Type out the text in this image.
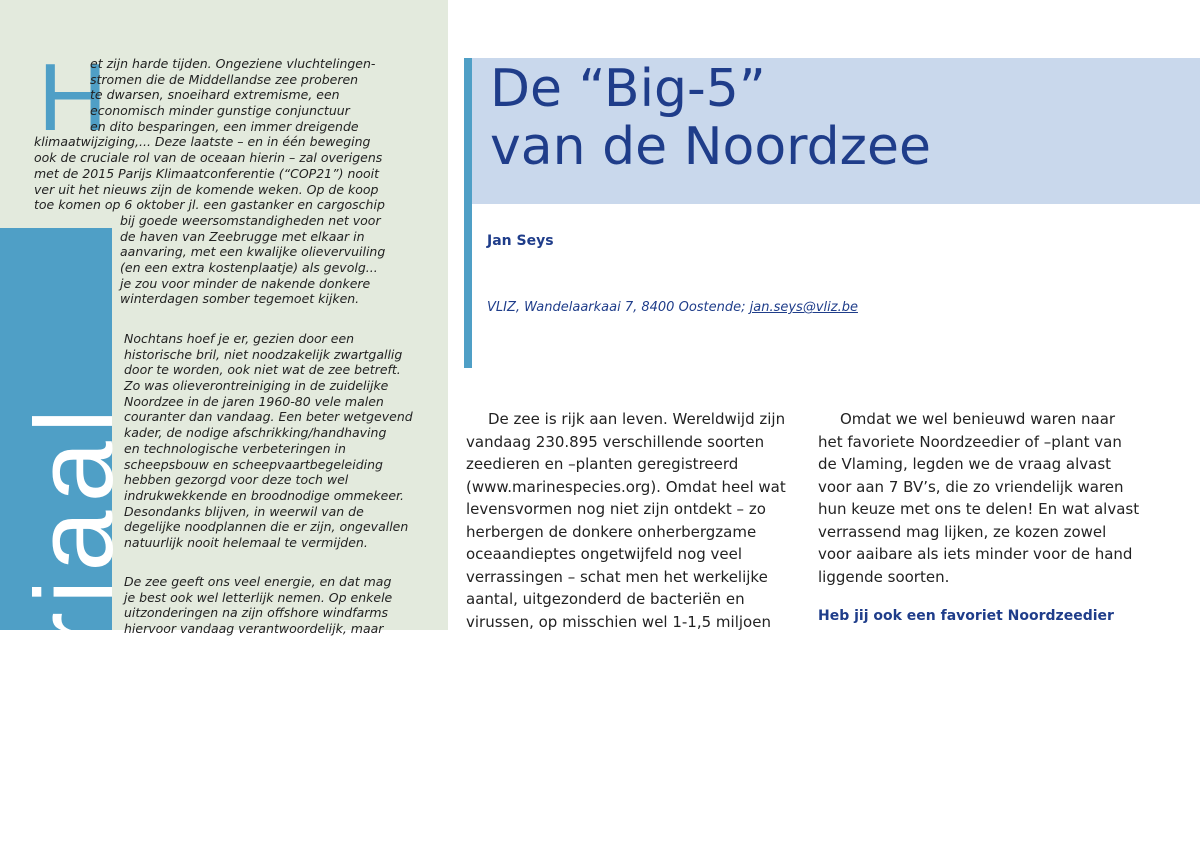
ditoriaal
H
et zijn harde tijden. Ongeziene vluchtelingen-
stromen die de Middellandse zee proberen
te dwarsen, snoeihard extremisme, een
economisch minder gunstige conjunctuur
en dito besparingen, een immer dreigende
klimaatwijziging,... Deze laatste – en in één beweging
ook de cruciale rol van de oceaan hierin – zal overigens
met de 2015 Parijs Klimaatconferentie (“COP21”) nooit
ver uit het nieuws zijn de komende weken. Op de koop
toe komen op 6 oktober jl. een gastanker en cargoschip
bij goede weersomstandigheden net voor
de haven van Zeebrugge met elkaar in
aanvaring, met een kwalijke olievervuiling
(en een extra kostenplaatje) als gevolg...
je zou voor minder de nakende donkere
winterdagen somber tegemoet kijken.
Nochtans hoef je er, gezien door een
historische bril, niet noodzakelijk zwartgallig
door te worden, ook niet wat de zee betreft.
Zo was olieverontreiniging in de zuidelijke
Noordzee in de jaren 1960-80 vele malen
couranter dan vandaag. Een beter wetgevend
kader, de nodige afschrikking/handhaving
en technologische verbeteringen in
scheepsbouw en scheepvaartbegeleiding
hebben gezorgd voor deze toch wel
indrukwekkende en broodnodige ommekeer.
Desondanks blijven, in weerwil van de
degelijke noodplannen die er zijn, ongevallen
natuurlijk nooit helemaal te vermijden.
De zee geeft ons veel energie, en dat mag
je best ook wel letterlijk nemen. Op enkele
uitzonderingen na zijn offshore windfarms
hiervoor vandaag verantwoordelijk, maar
De “Big-5”
van de Noordzee
Jan Seys
VLIZ, Wandelaarkaai 7, 8400 Oostende; jan.seys@vliz.be
De zee is rijk aan leven. Wereldwijd zijn
vandaag 230.895 verschillende soorten
zeedieren en –planten geregistreerd
(www.marinespecies.org). Omdat heel wat
levensvormen nog niet zijn ontdekt – zo
herbergen de donkere onherbergzame
oceaandieptes ongetwijfeld nog veel
verrassingen – schat men het werkelijke
aantal, uitgezonderd de bacteriën en
virussen, op misschien wel 1-1,5 miljoen
Omdat we wel benieuwd waren naar
het favoriete Noordzeedier of –plant van
de Vlaming, legden we de vraag alvast
voor aan 7 BV’s, die zo vriendelijk waren
hun keuze met ons te delen! En wat alvast
verrassend mag lijken, ze kozen zowel
voor aaibare als iets minder voor de hand
liggende soorten.
Heb jij ook een favoriet Noordzeedier
